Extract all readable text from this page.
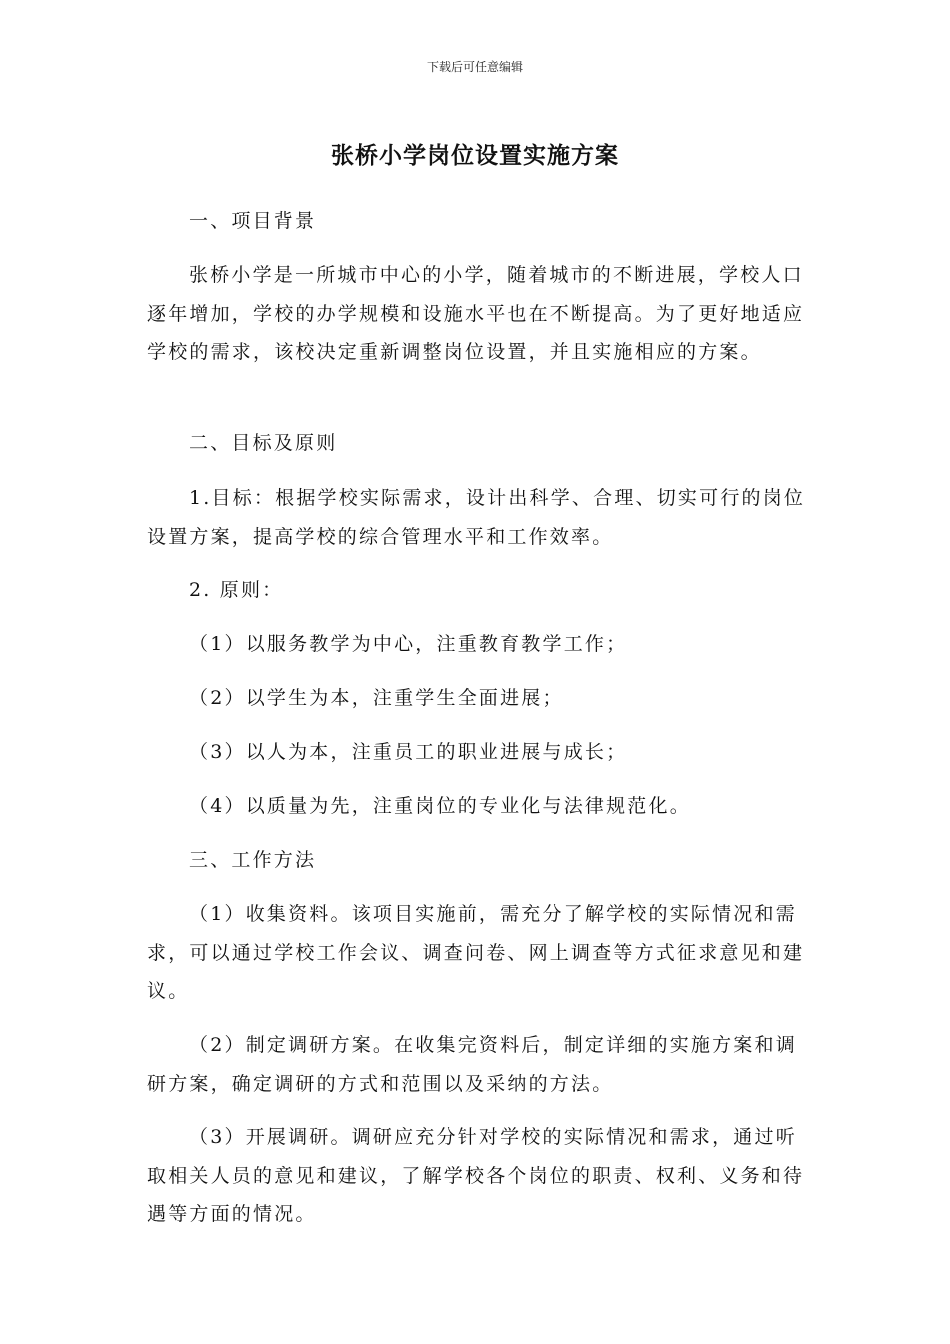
下载后可任意编辑
张桥小学岗位设置实施方案

一、项目背景

张桥小学是一所城市中心的小学，随着城市的不断进展，学校人口逐年增加，学校的办学规模和设施水平也在不断提高。为了更好地适应学校的需求，该校决定重新调整岗位设置，并且实施相应的方案。

二、目标及原则

1.目标：根据学校实际需求，设计出科学、合理、切实可行的岗位设置方案，提高学校的综合管理水平和工作效率。

2. 原则：

（1）以服务教学为中心，注重教育教学工作；

（2）以学生为本，注重学生全面进展；

（3）以人为本，注重员工的职业进展与成长；

（4）以质量为先，注重岗位的专业化与法律规范化。

三、工作方法

（1）收集资料。该项目实施前，需充分了解学校的实际情况和需求，可以通过学校工作会议、调查问卷、网上调查等方式征求意见和建议。

（2）制定调研方案。在收集完资料后，制定详细的实施方案和调研方案，确定调研的方式和范围以及采纳的方法。

（3）开展调研。调研应充分针对学校的实际情况和需求，通过听取相关人员的意见和建议，了解学校各个岗位的职责、权利、义务和待遇等方面的情况。
